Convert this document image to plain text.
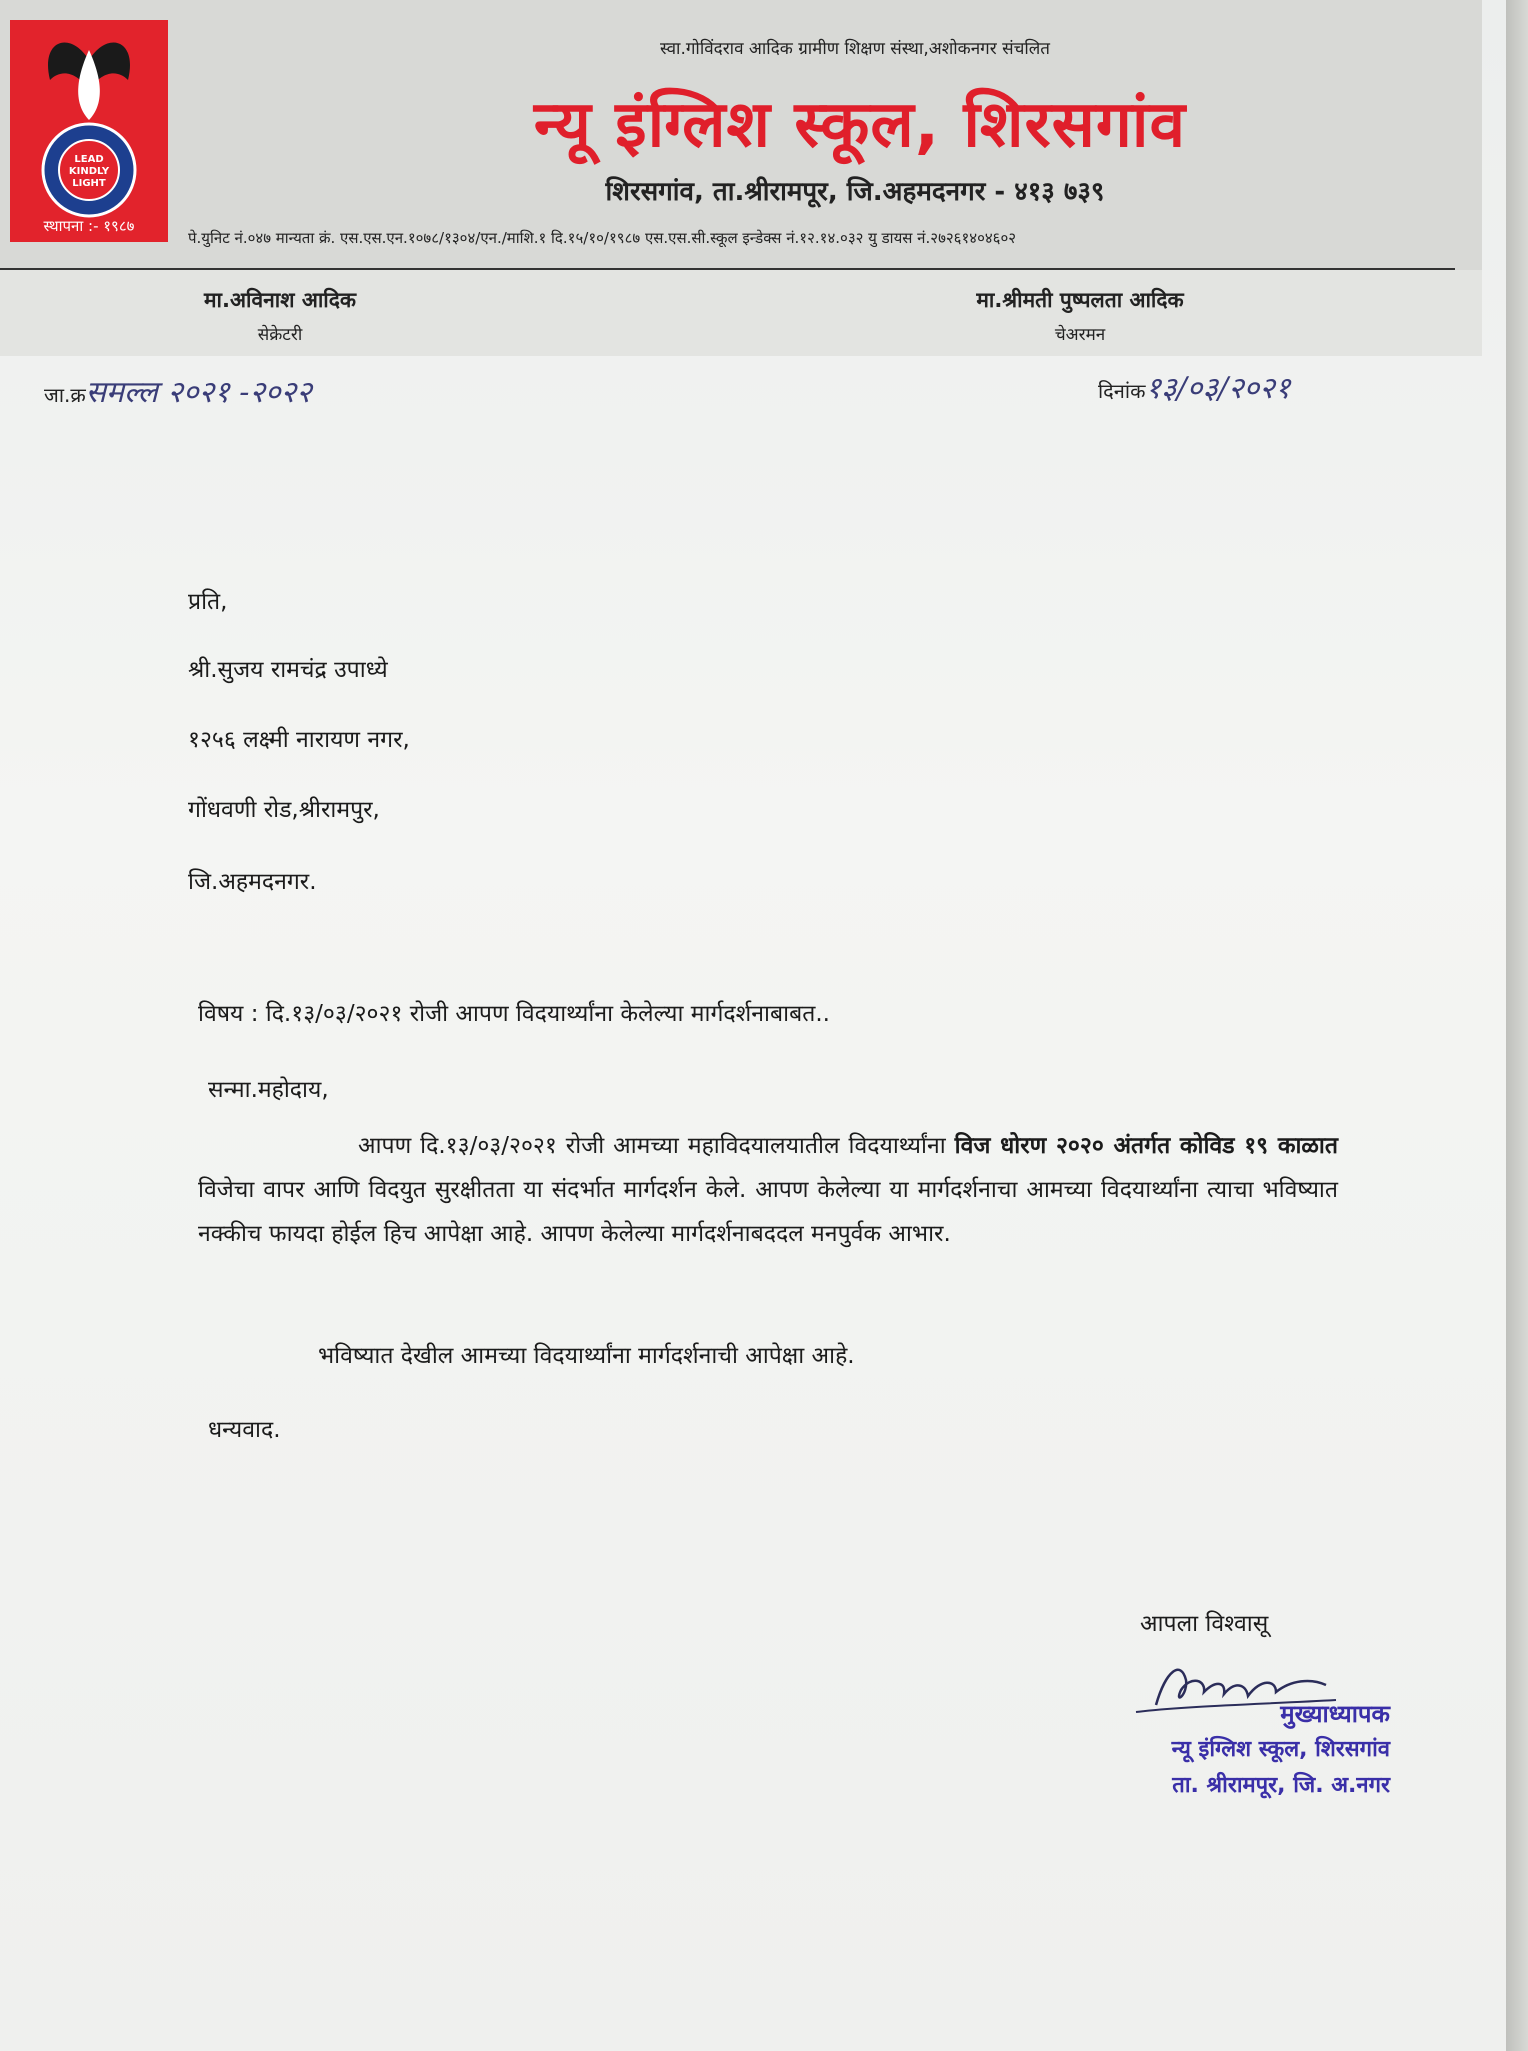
LEAD
KINDLY
LIGHT
स्थापना :- १९८७
स्वा.गोविंदराव आदिक ग्रामीण शिक्षण संस्था,अशोकनगर संचलित
न्यू इंग्लिश स्कूल, शिरसगांव
शिरसगांव, ता.श्रीरामपूर, जि.अहमदनगर - ४१३ ७३९
पे.युनिट नं.०४७ मान्यता क्रं. एस.एस.एन.१०७८/१३०४/एन./माशि.१ दि.१५/१०/१९८७ एस.एस.सी.स्कूल इन्डेक्स नं.१२.१४.०३२ यु डायस नं.२७२६१४०४६०२
मा.अविनाश आदिक
सेक्रेटरी
मा.श्रीमती पुष्पलता आदिक
चेअरमन
जा.क्रसमल्ल २०२१ -२०२२	दिनांक१३/०३/२०२१
प्रति,
श्री.सुजय रामचंद्र उपाध्ये
१२५६ लक्ष्मी नारायण नगर,
गोंधवणी रोड,श्रीरामपुर,
जि.अहमदनगर.
विषय : दि.१३/०३/२०२१ रोजी आपण विदयार्थ्यांना केलेल्या मार्गदर्शनाबाबत..
सन्मा.महोदाय,
आपण दि.१३/०३/२०२१ रोजी आमच्या महाविदयालयातील विदयार्थ्यांना विज धोरण २०२० अंतर्गत कोविड १९ काळात विजेचा वापर आणि विदयुत सुरक्षीतता या संदर्भात मार्गदर्शन केले. आपण केलेल्या या मार्गदर्शनाचा आमच्या विदयार्थ्यांना त्याचा भविष्यात नक्कीच फायदा होईल हिच आपेक्षा आहे. आपण केलेल्या मार्गदर्शनाबददल मनपुर्वक आभार.
भविष्यात देखील आमच्या विदयार्थ्यांना मार्गदर्शनाची आपेक्षा आहे.
धन्यवाद.
आपला विश्वासू
मुख्याध्यापक
न्यू इंग्लिश स्कूल, शिरसगांव
ता. श्रीरामपूर, जि. अ.नगर
